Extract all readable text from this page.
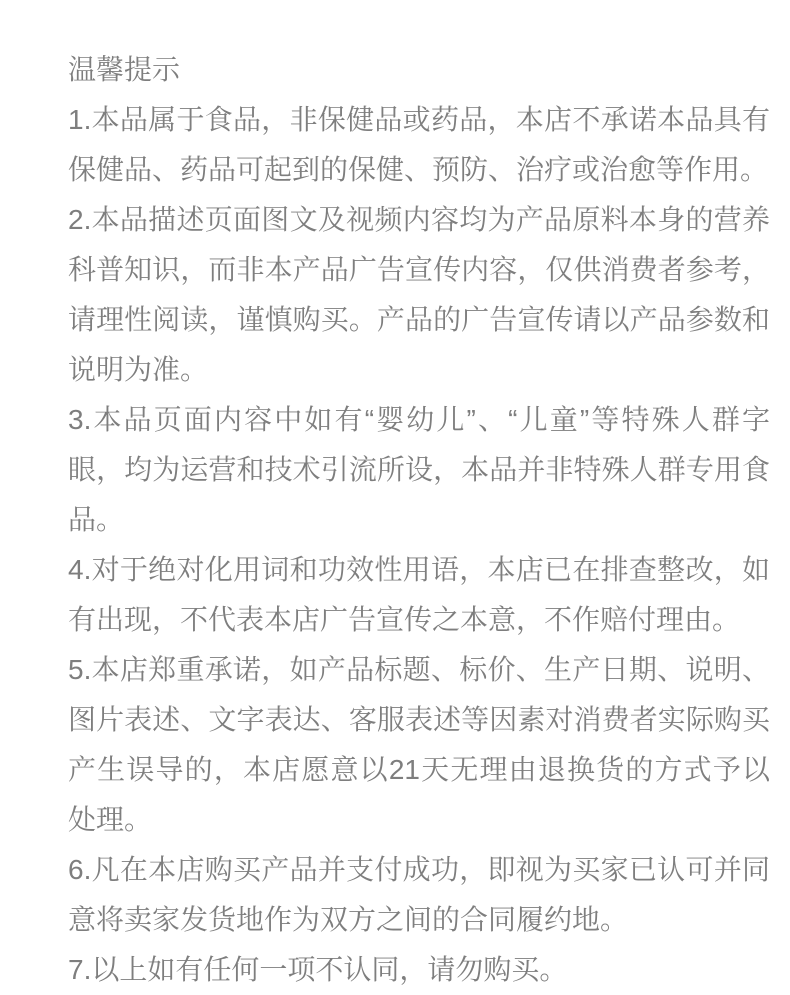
温馨提示

1.本品属于食品，非保健品或药品，本店不承诺本品具有保健品、药品可起到的保健、预防、治疗或治愈等作用。

2.本品描述页面图文及视频内容均为产品原料本身的营养科普知识，而非本产品广告宣传内容，仅供消费者参考，请理性阅读，谨慎购买。产品的广告宣传请以产品参数和说明为准。

3.本品页面内容中如有“婴幼儿”、“儿童”等特殊人群字眼，均为运营和技术引流所设，本品并非特殊人群专用食品。

4.对于绝对化用词和功效性用语，本店已在排查整改，如有出现，不代表本店广告宣传之本意，不作赔付理由。

5.本店郑重承诺，如产品标题、标价、生产日期、说明、图片表述、文字表达、客服表述等因素对消费者实际购买产生误导的，本店愿意以21天无理由退换货的方式予以处理。

6.凡在本店购买产品并支付成功，即视为买家已认可并同意将卖家发货地作为双方之间的合同履约地。

7.以上如有任何一项不认同，请勿购买。
